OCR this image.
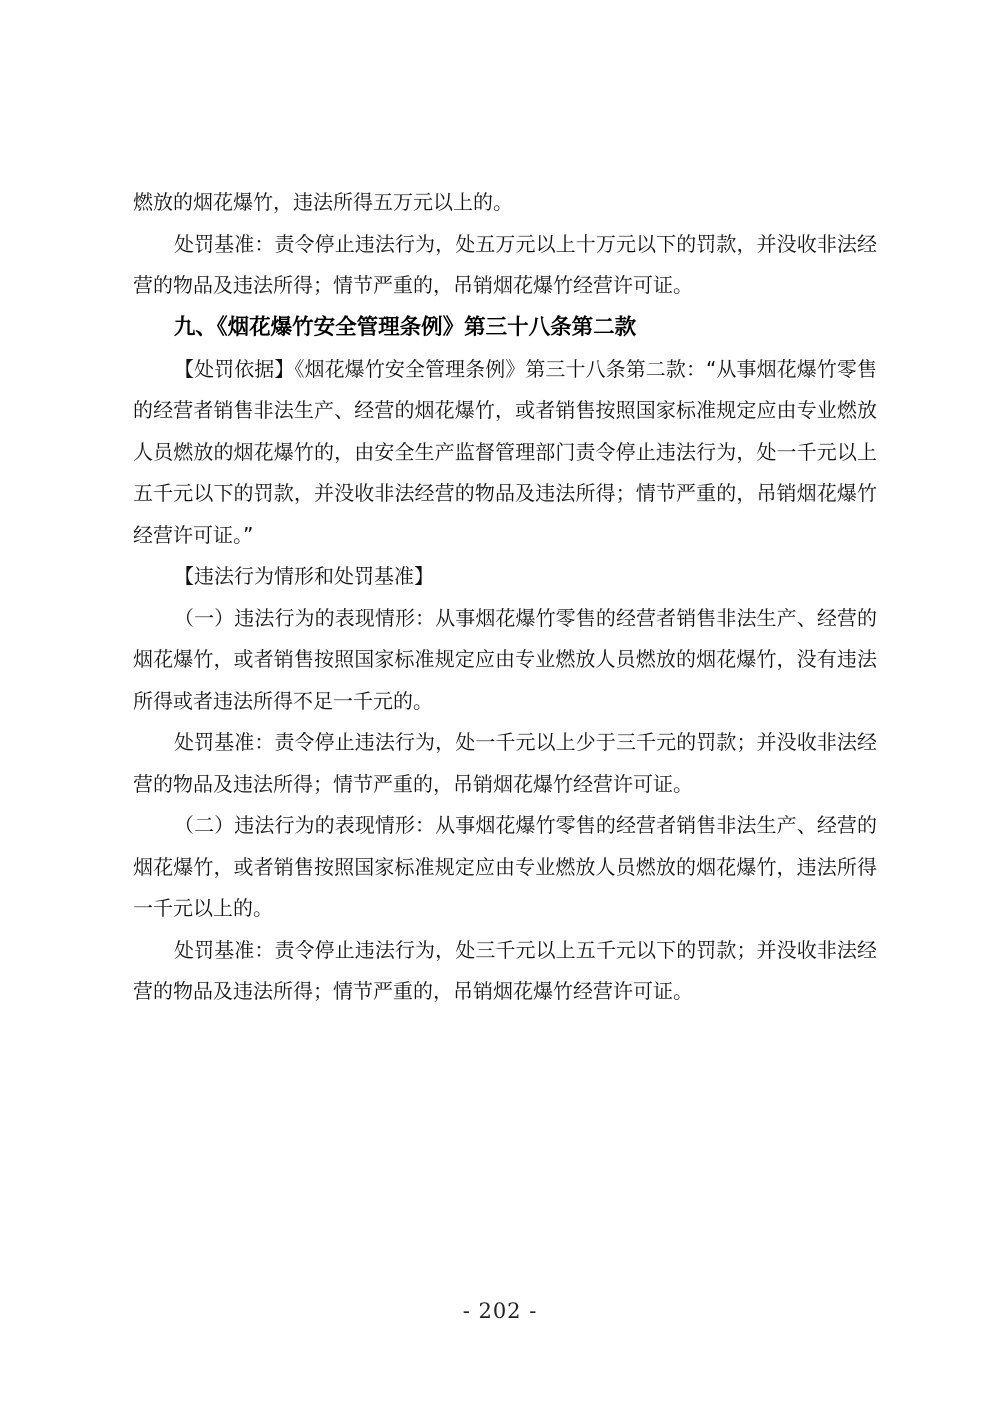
燃放的烟花爆竹，违法所得五万元以上的。

处罚基准：责令停止违法行为，处五万元以上十万元以下的罚款，并没收非法经营的物品及违法所得；情节严重的，吊销烟花爆竹经营许可证。

九、《烟花爆竹安全管理条例》第三十八条第二款

【处罚依据】《烟花爆竹安全管理条例》第三十八条第二款：“从事烟花爆竹零售的经营者销售非法生产、经营的烟花爆竹，或者销售按照国家标准规定应由专业燃放人员燃放的烟花爆竹的，由安全生产监督管理部门责令停止违法行为，处一千元以上五千元以下的罚款，并没收非法经营的物品及违法所得；情节严重的，吊销烟花爆竹经营许可证。”

【违法行为情形和处罚基准】

（一）违法行为的表现情形：从事烟花爆竹零售的经营者销售非法生产、经营的烟花爆竹，或者销售按照国家标准规定应由专业燃放人员燃放的烟花爆竹，没有违法所得或者违法所得不足一千元的。

处罚基准：责令停止违法行为，处一千元以上少于三千元的罚款；并没收非法经营的物品及违法所得；情节严重的，吊销烟花爆竹经营许可证。

（二）违法行为的表现情形：从事烟花爆竹零售的经营者销售非法生产、经营的烟花爆竹，或者销售按照国家标准规定应由专业燃放人员燃放的烟花爆竹，违法所得一千元以上的。

处罚基准：责令停止违法行为，处三千元以上五千元以下的罚款；并没收非法经营的物品及违法所得；情节严重的，吊销烟花爆竹经营许可证。

- 202 -
